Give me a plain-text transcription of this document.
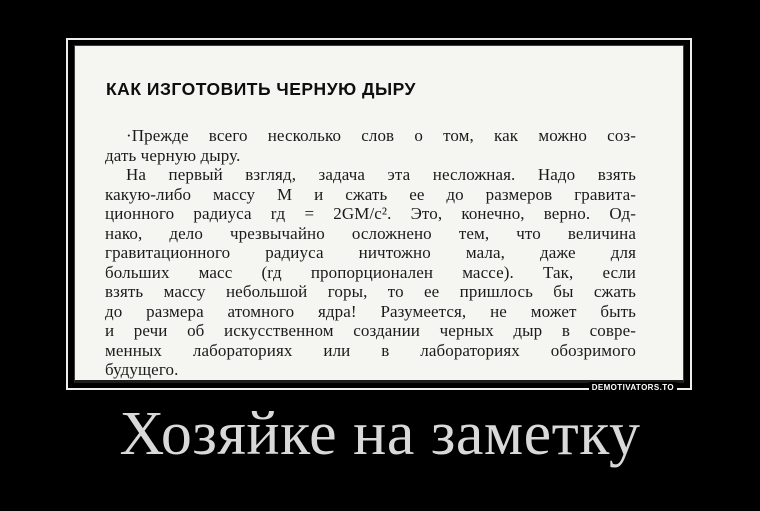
КАК ИЗГОТОВИТЬ ЧЕРНУЮ ДЫРУ
·Прежде всего несколько слов о том, как можно соз-
дать черную дыру.
На первый взгляд, задача эта несложная. Надо взять
какую-либо массу М и сжать ее до размеров гравита-
ционного радиуса rд = 2GM/c². Это, конечно, верно. Од-
нако, дело чрезвычайно осложнено тем, что величина
гравитационного радиуса ничтожно мала, даже для
больших масс (rд пропорционален массе). Так, если
взять массу небольшой горы, то ее пришлось бы сжать
до размера атомного ядра! Разумеется, не может быть
и речи об искусственном создании черных дыр в совре-
менных лабораториях или в лабораториях обозримого
будущего.
DEMOTIVATORS.TO
Хозяйке на заметку
